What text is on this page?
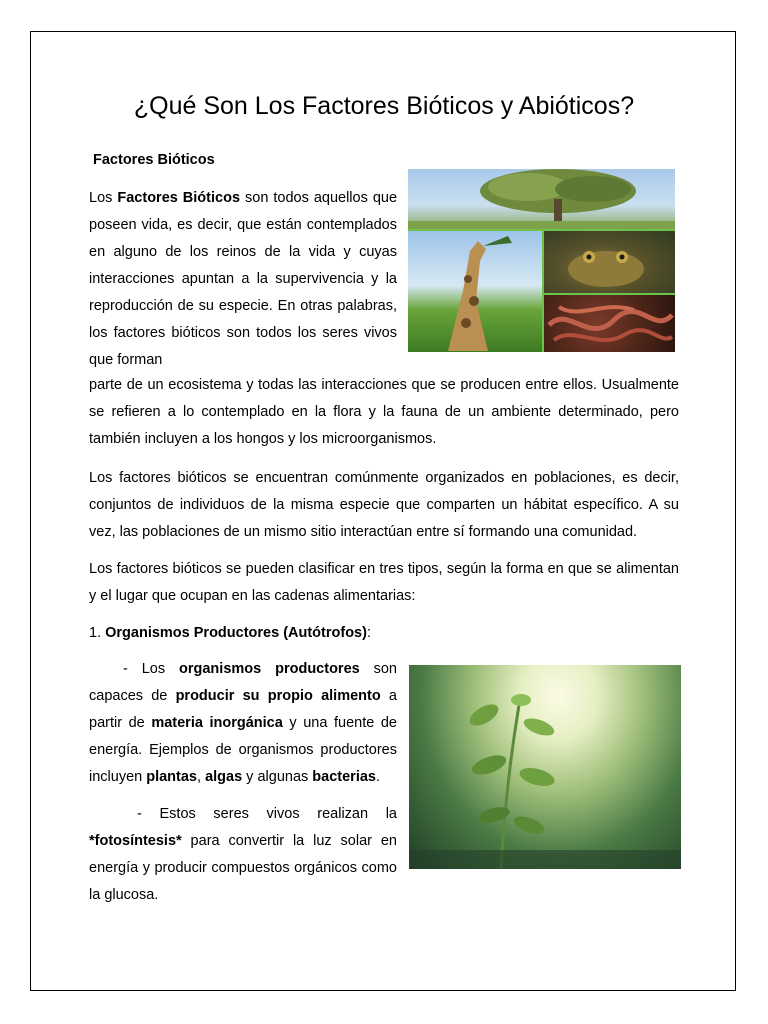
¿Qué Son Los Factores Bióticos y Abióticos?
Factores Bióticos

Los Factores Bióticos son todos aquellos que poseen vida, es decir, que están contemplados en alguno de los reinos de la vida y cuyas interacciones apuntan a la supervivencia y la reproducción de su especie. En otras palabras, los factores bióticos son todos los seres vivos que forman

parte de un ecosistema y todas las interacciones que se producen entre ellos. Usualmente se refieren a lo contemplado en la flora y la fauna de un ambiente determinado, pero también incluyen a los hongos y los microorganismos.

Los factores bióticos se encuentran comúnmente organizados en poblaciones, es decir, conjuntos de individuos de la misma especie que comparten un hábitat específico. A su vez, las poblaciones de un mismo sitio interactúan entre sí formando una comunidad.

Los factores bióticos se pueden clasificar en tres tipos, según la forma en que se alimentan y el lugar que ocupan en las cadenas alimentarias:

1. Organismos Productores (Autótrofos):

- Los organismos productores son capaces de producir su propio alimento a partir de materia inorgánica y una fuente de energía. Ejemplos de organismos productores incluyen plantas, algas y algunas bacterias.

- Estos seres vivos realizan la *fotosíntesis* para convertir la luz solar en energía y producir compuestos orgánicos como la glucosa.
